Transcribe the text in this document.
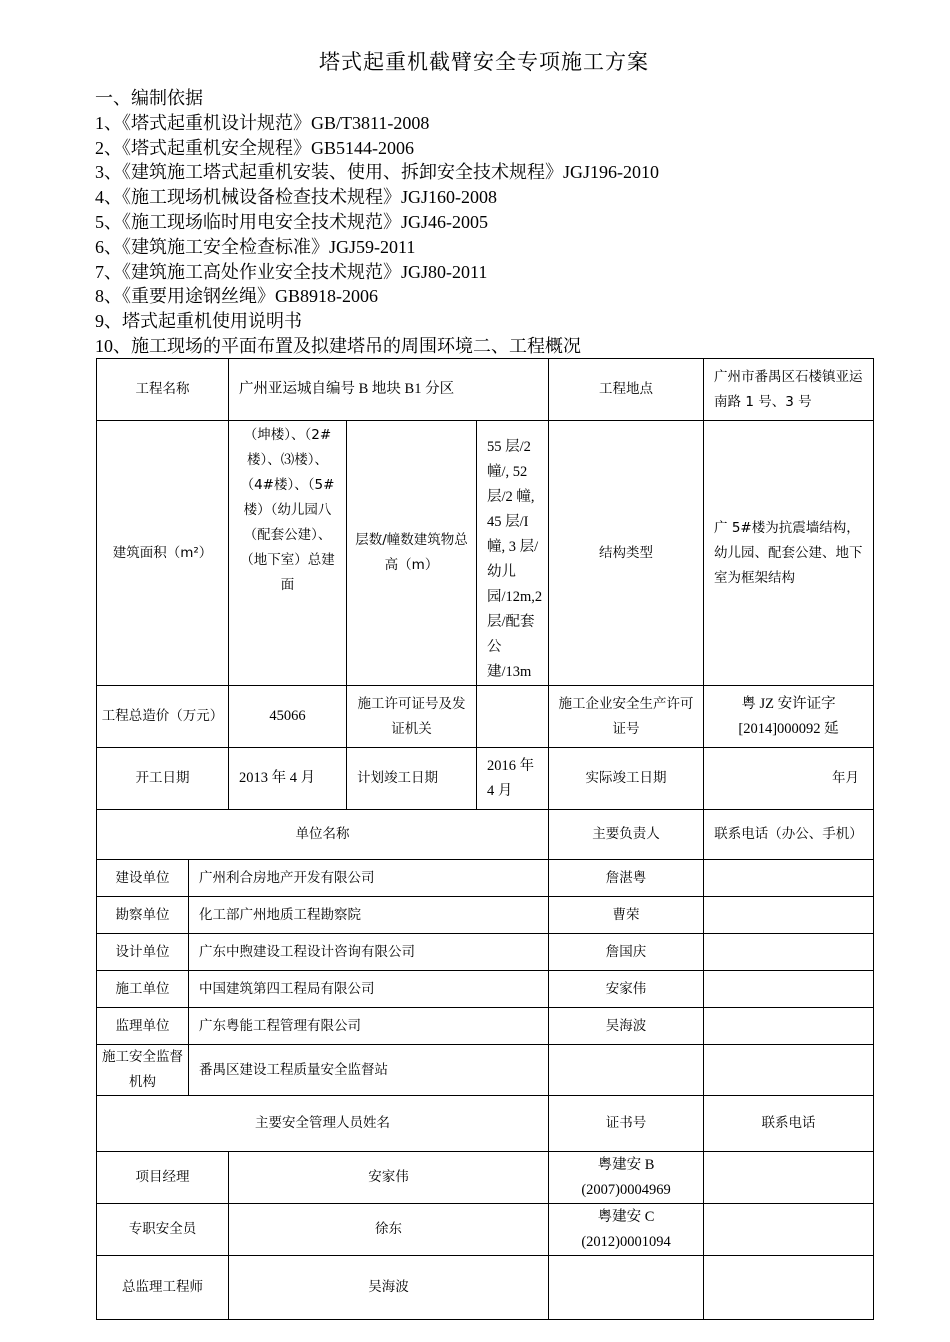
塔式起重机截臂安全专项施工方案
一、编制依据
1、《塔式起重机设计规范》GB/T3811-2008
2、《塔式起重机安全规程》GB5144-2006
3、《建筑施工塔式起重机安装、使用、拆卸安全技术规程》JGJ196-2010
4、《施工现场机械设备检查技术规程》JGJ160-2008
5、《施工现场临时用电安全技术规范》JGJ46-2005
6、《建筑施工安全检查标准》JGJ59-2011
7、《建筑施工高处作业安全技术规范》JGJ80-2011
8、《重要用途钢丝绳》GB8918-2006
9、塔式起重机使用说明书
10、施工现场的平面布置及拟建塔吊的周围环境二、工程概况
工程名称		广州亚运城自编号 B 地块 B1 分区			工程地点	广州市番禺区石楼镇亚运南路 1 号、3 号
建筑面积（m²）		（坤楼）、（2#楼）、⑶楼）、（4#楼）、（5#楼）（幼儿园八（配套公建）、（地下室）总建面	层数/幢数建筑物总高（m）	55 层/2 幢/, 52 层/2 幢, 45 层/I 幢, 3 层/幼儿园/12m,2 层/配套公建/13m	结构类型	广 5#楼为抗震墙结构，幼儿园、配套公建、地下室为框架结构
工程总造价（万元）		45066	施工许可证号及发证机关		施工企业安全生产许可证号	粤 JZ 安许证字[2014]000092 延
开工日期		2013 年 4 月	计划竣工日期	2016 年 4 月	实际竣工日期	年月
单位名称					主要负责人	联系电话（办公、手机）
建设单位	广州利合房地产开发有限公司				詹湛粤	
勘察单位	化工部广州地质工程勘察院				曹荣	
设计单位	广东中煦建设工程设计咨询有限公司				詹国庆	
施工单位	中国建筑第四工程局有限公司				安家伟	
监理单位	广东粤能工程管理有限公司				吴海波	
施工安全监督机构	番禺区建设工程质量安全监督站					
主要安全管理人员姓名					证书号	联系电话
项目经理		安家伟			粤建安 B (2007)0004969	
专职安全员		徐东			粤建安 C (2012)0001094	
总监理工程师		吴海波				
